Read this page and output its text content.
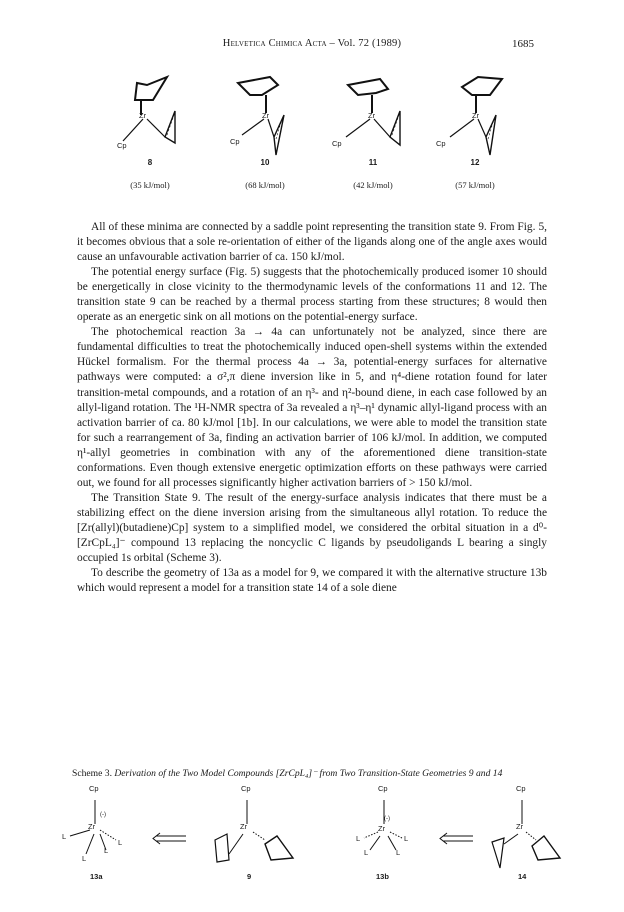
Helvetica Chimica Acta – Vol. 72 (1989)	1685
Cp
Zr
8
(35 kJ/mol)
Cp
Zr
10
(68 kJ/mol)
Cp
Zr
11
(42 kJ/mol)
Cp
Zr
12
(57 kJ/mol)

All of these minima are connected by a saddle point representing the transition state 9. From Fig. 5, it becomes obvious that a sole re-orientation of either of the ligands along one of the angle axes would cause an unfavourable activation barrier of ca. 150 kJ/mol.

The potential energy surface (Fig. 5) suggests that the photochemically produced isomer 10 should be energetically in close vicinity to the thermodynamic levels of the conformations 11 and 12. The transition state 9 can be reached by a thermal process starting from these structures; 8 would then operate as an energetic sink on all motions on the potential-energy surface.

The photochemical reaction 3a → 4a can unfortunately not be analyzed, since there are fundamental difficulties to treat the photochemically induced open-shell systems within the extended Hückel formalism. For the thermal process 4a → 3a, potential-energy surfaces for alternative pathways were computed: a σ²,π diene inversion like in 5, and η⁴-diene rotation found for later transition-metal compounds, and a rotation of an η³- and η²-bound diene, in each case followed by an allyl-ligand rotation. The ¹H-NMR spectra of 3a revealed a η³–η¹ dynamic allyl-ligand process with an activation barrier of ca. 80 kJ/mol [1b]. In our calculations, we were able to model the transition state for such a rearrangement of 3a, finding an activation barrier of 106 kJ/mol. In addition, we computed η¹-allyl geometries in combination with any of the aforementioned diene transition-state conformations. Even though extensive energetic optimization efforts on these pathways were carried out, we found for all processes significantly higher activation barriers of > 150 kJ/mol.

The Transition State 9. The result of the energy-surface analysis indicates that there must be a stabilizing effect on the diene inversion arising from the simultaneous allyl rotation. To reduce the [Zr(allyl)(butadiene)Cp] system to a simplified model, we considered the orbital situation in a d⁰-[ZrCpL₄]⁻ compound 13 replacing the noncyclic C ligands by pseudoligands L bearing a singly occupied 1s orbital (Scheme 3).

To describe the geometry of 13a as a model for 9, we compared it with the alternative structure 13b which would represent a model for a transition state 14 of a sole diene

Scheme 3. Derivation of the Two Model Compounds [ZrCpL₄]⁻ from Two Transition-State Geometries 9 and 14
Cp
Zr
(-)
L
L
L
L
13a
Cp
Zr
9
Cp
Zr
(-)
L
L
L
L
13b
Cp
Zr
14
